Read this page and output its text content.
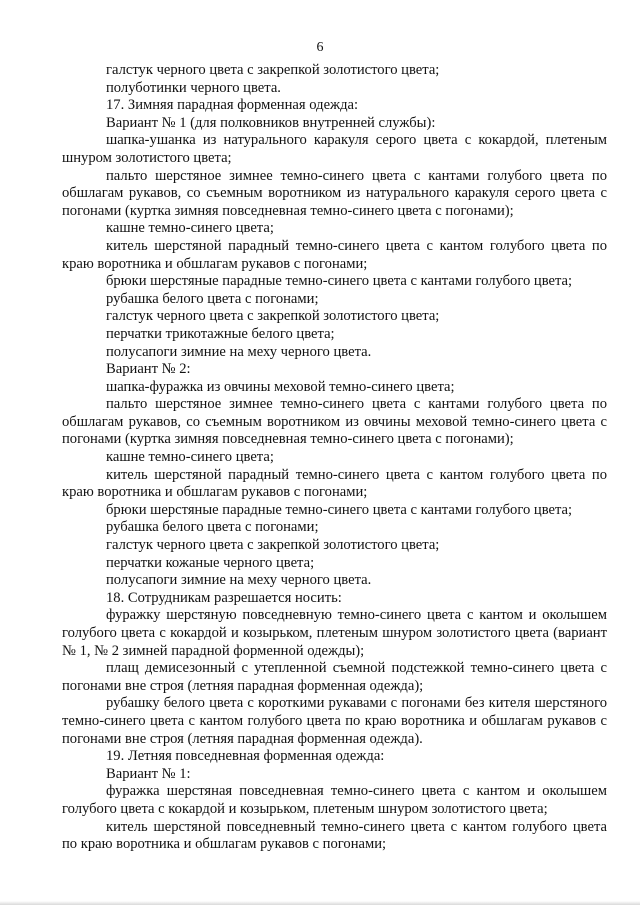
6

галстук черного цвета с закрепкой золотистого цвета;

полуботинки черного цвета.

17. Зимняя парадная форменная одежда:

Вариант № 1 (для полковников внутренней службы):

шапка-ушанка из натурального каракуля серого цвета с кокардой, плетеным шнуром золотистого цвета;

пальто шерстяное зимнее темно-синего цвета с кантами голубого цвета по обшлагам рукавов, со съемным воротником из натурального каракуля серого цвета с погонами (куртка зимняя повседневная темно-синего цвета с погонами);

кашне темно-синего цвета;

китель шерстяной парадный темно-синего цвета с кантом голубого цвета по краю воротника и обшлагам рукавов с погонами;

брюки шерстяные парадные темно-синего цвета с кантами голубого цвета;

рубашка белого цвета с погонами;

галстук черного цвета с закрепкой золотистого цвета;

перчатки трикотажные белого цвета;

полусапоги зимние на меху черного цвета.

Вариант № 2:

шапка-фуражка из овчины меховой темно-синего цвета;

пальто шерстяное зимнее темно-синего цвета с кантами голубого цвета по обшлагам рукавов, со съемным воротником из овчины меховой темно-синего цвета с погонами (куртка зимняя повседневная темно-синего цвета с погонами);

кашне темно-синего цвета;

китель шерстяной парадный темно-синего цвета с кантом голубого цвета по краю воротника и обшлагам рукавов с погонами;

брюки шерстяные парадные темно-синего цвета с кантами голубого цвета;

рубашка белого цвета с погонами;

галстук черного цвета с закрепкой золотистого цвета;

перчатки кожаные черного цвета;

полусапоги зимние на меху черного цвета.

18. Сотрудникам разрешается носить:

фуражку шерстяную повседневную темно-синего цвета с кантом и околышем голубого цвета с кокардой и козырьком, плетеным шнуром золотистого цвета (вариант № 1, № 2 зимней парадной форменной одежды);

плащ демисезонный с утепленной съемной подстежкой темно-синего цвета с погонами вне строя (летняя парадная форменная одежда);

рубашку белого цвета с короткими рукавами с погонами без кителя шерстяного темно-синего цвета с кантом голубого цвета по краю воротника и обшлагам рукавов с погонами вне строя (летняя парадная форменная одежда).

19. Летняя повседневная форменная одежда:

Вариант № 1:

фуражка шерстяная повседневная темно-синего цвета с кантом и околышем голубого цвета с кокардой и козырьком, плетеным шнуром золотистого цвета;

китель шерстяной повседневный темно-синего цвета с кантом голубого цвета по краю воротника и обшлагам рукавов с погонами;
